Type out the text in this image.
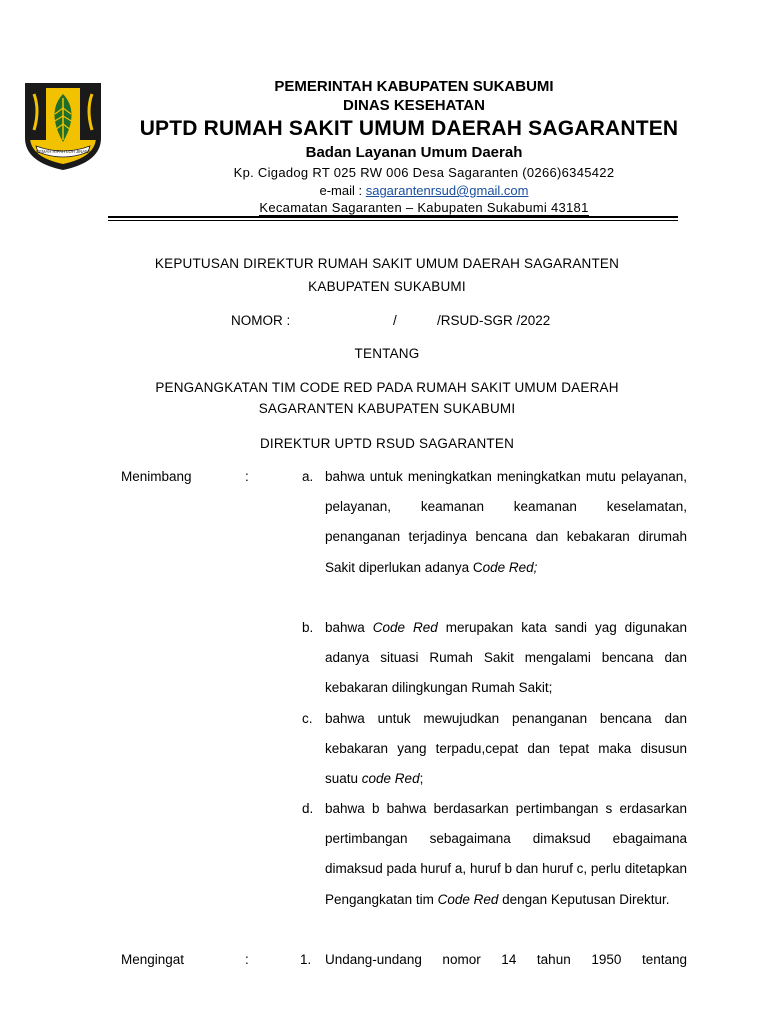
GEMAH RIPAH LOH JINAWI
PEMERINTAH KABUPATEN SUKABUMI
DINAS KESEHATAN
UPTD RUMAH SAKIT UMUM DAERAH SAGARANTEN
Badan Layanan Umum Daerah
Kp. Cigadog RT 025 RW 006 Desa Sagaranten (0266)6345422
e-mail : sagarantenrsud@gmail.com
Kecamatan Sagaranten – Kabupaten Sukabumi 43181
KEPUTUSAN DIREKTUR RUMAH SAKIT UMUM DAERAH SAGARANTEN
KABUPATEN SUKABUMI
NOMOR :	/	/RSUD-SGR /2022
TENTANG
PENGANGKATAN TIM CODE RED PADA RUMAH SAKIT UMUM DAERAH
SAGARANTEN KABUPATEN SUKABUMI
DIREKTUR UPTD RSUD SAGARANTEN
Menimbang	:	a. bahwa untuk meningkatkan meningkatkan mutu pelayanan, pelayanan, keamanan keamanan keselamatan, penanganan terjadinya bencana dan kebakaran dirumah Sakit diperlukan adanya Code Red;
b. bahwa Code Red merupakan kata sandi yag digunakan adanya situasi Rumah Sakit mengalami bencana dan kebakaran dilingkungan Rumah Sakit;
c. bahwa untuk mewujudkan penanganan bencana dan kebakaran yang terpadu,cepat dan tepat maka disusun suatu code Red;
d. bahwa b bahwa berdasarkan pertimbangan s erdasarkan pertimbangan sebagaimana dimaksud ebagaimana dimaksud pada huruf a, huruf b dan huruf c, perlu ditetapkan Pengangkatan tim Code Red dengan Keputusan Direktur.
Mengingat	:	1. Undang-undang nomor 14 tahun 1950 tentang
